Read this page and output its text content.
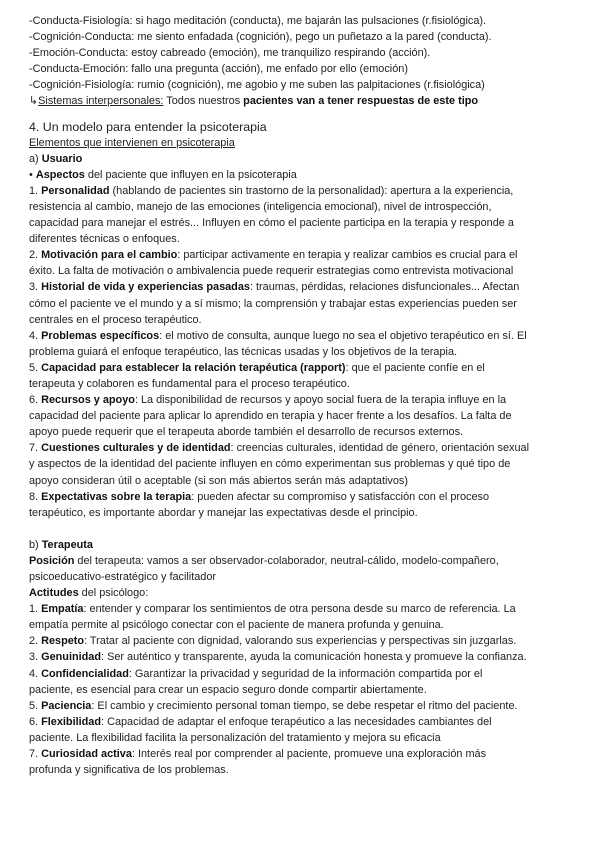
-Conducta-Fisiología: si hago meditación (conducta), me bajarán las pulsaciones (r.fisiológica).
-Cognición-Conducta: me siento enfadada (cognición), pego un puñetazo a la pared (conducta).
-Emoción-Conducta: estoy cabreado (emoción), me tranquilizo respirando (acción).
-Conducta-Emoción: fallo una pregunta (acción), me enfado por ello (emoción)
-Cognición-Fisiología: rumio (cognición), me agobio y me suben las palpitaciones (r.fisiológica)
↳Sistemas interpersonales: Todos nuestros pacientes van a tener respuestas de este tipo
4. Un modelo para entender la psicoterapia
Elementos que intervienen en psicoterapia
a) Usuario
• Aspectos del paciente que influyen en la psicoterapia
1. Personalidad (hablando de pacientes sin trastorno de la personalidad): apertura a la experiencia,
resistencia al cambio, manejo de las emociones (inteligencia emocional), nivel de introspección,
capacidad para manejar el estrés... Influyen en cómo el paciente participa en la terapia y responde a
diferentes técnicas o enfoques.
2. Motivación para el cambio: participar activamente en terapia y realizar cambios es crucial para el
éxito. La falta de motivación o ambivalencia puede requerir estrategias como entrevista motivacional
3. Historial de vida y experiencias pasadas: traumas, pérdidas, relaciones disfuncionales... Afectan
cómo el paciente ve el mundo y a sí mismo; la comprensión y trabajar estas experiencias pueden ser
centrales en el proceso terapéutico.
4. Problemas específicos: el motivo de consulta, aunque luego no sea el objetivo terapéutico en sí. El
problema guiará el enfoque terapéutico, las técnicas usadas y los objetivos de la terapia.
5. Capacidad para establecer la relación terapéutica (rapport): que el paciente confíe en el
terapeuta y colaboren es fundamental para el proceso terapéutico.
6. Recursos y apoyo: La disponibilidad de recursos y apoyo social fuera de la terapia influye en la
capacidad del paciente para aplicar lo aprendido en terapia y hacer frente a los desafíos. La falta de
apoyo puede requerir que el terapeuta aborde también el desarrollo de recursos externos.
7. Cuestiones culturales y de identidad: creencias culturales, identidad de género, orientación sexual
y aspectos de la identidad del paciente influyen en cómo experimentan sus problemas y qué tipo de
apoyo consideran útil o aceptable (si son más abiertos serán más adaptativos)
8. Expectativas sobre la terapia: pueden afectar su compromiso y satisfacción con el proceso
terapéutico, es importante abordar y manejar las expectativas desde el principio.
b) Terapeuta
Posición del terapeuta: vamos a ser observador-colaborador, neutral-cálido, modelo-compañero,
psicoeducativo-estratégico y facilitador
Actitudes del psicólogo:
1. Empatía: entender y comparar los sentimientos de otra persona desde su marco de referencia. La
empatía permite al psicólogo conectar con el paciente de manera profunda y genuina.
2. Respeto: Tratar al paciente con dignidad, valorando sus experiencias y perspectivas sin juzgarlas.
3. Genuinidad: Ser auténtico y transparente, ayuda la comunicación honesta y promueve la confianza.
4. Confidencialidad: Garantizar la privacidad y seguridad de la información compartida por el
paciente, es esencial para crear un espacio seguro donde compartir abiertamente.
5. Paciencia: El cambio y crecimiento personal toman tiempo, se debe respetar el ritmo del paciente.
6. Flexibilidad: Capacidad de adaptar el enfoque terapéutico a las necesidades cambiantes del
paciente. La flexibilidad facilita la personalización del tratamiento y mejora su eficacia
7. Curiosidad activa: Interés real por comprender al paciente, promueve una exploración más
profunda y significativa de los problemas.
